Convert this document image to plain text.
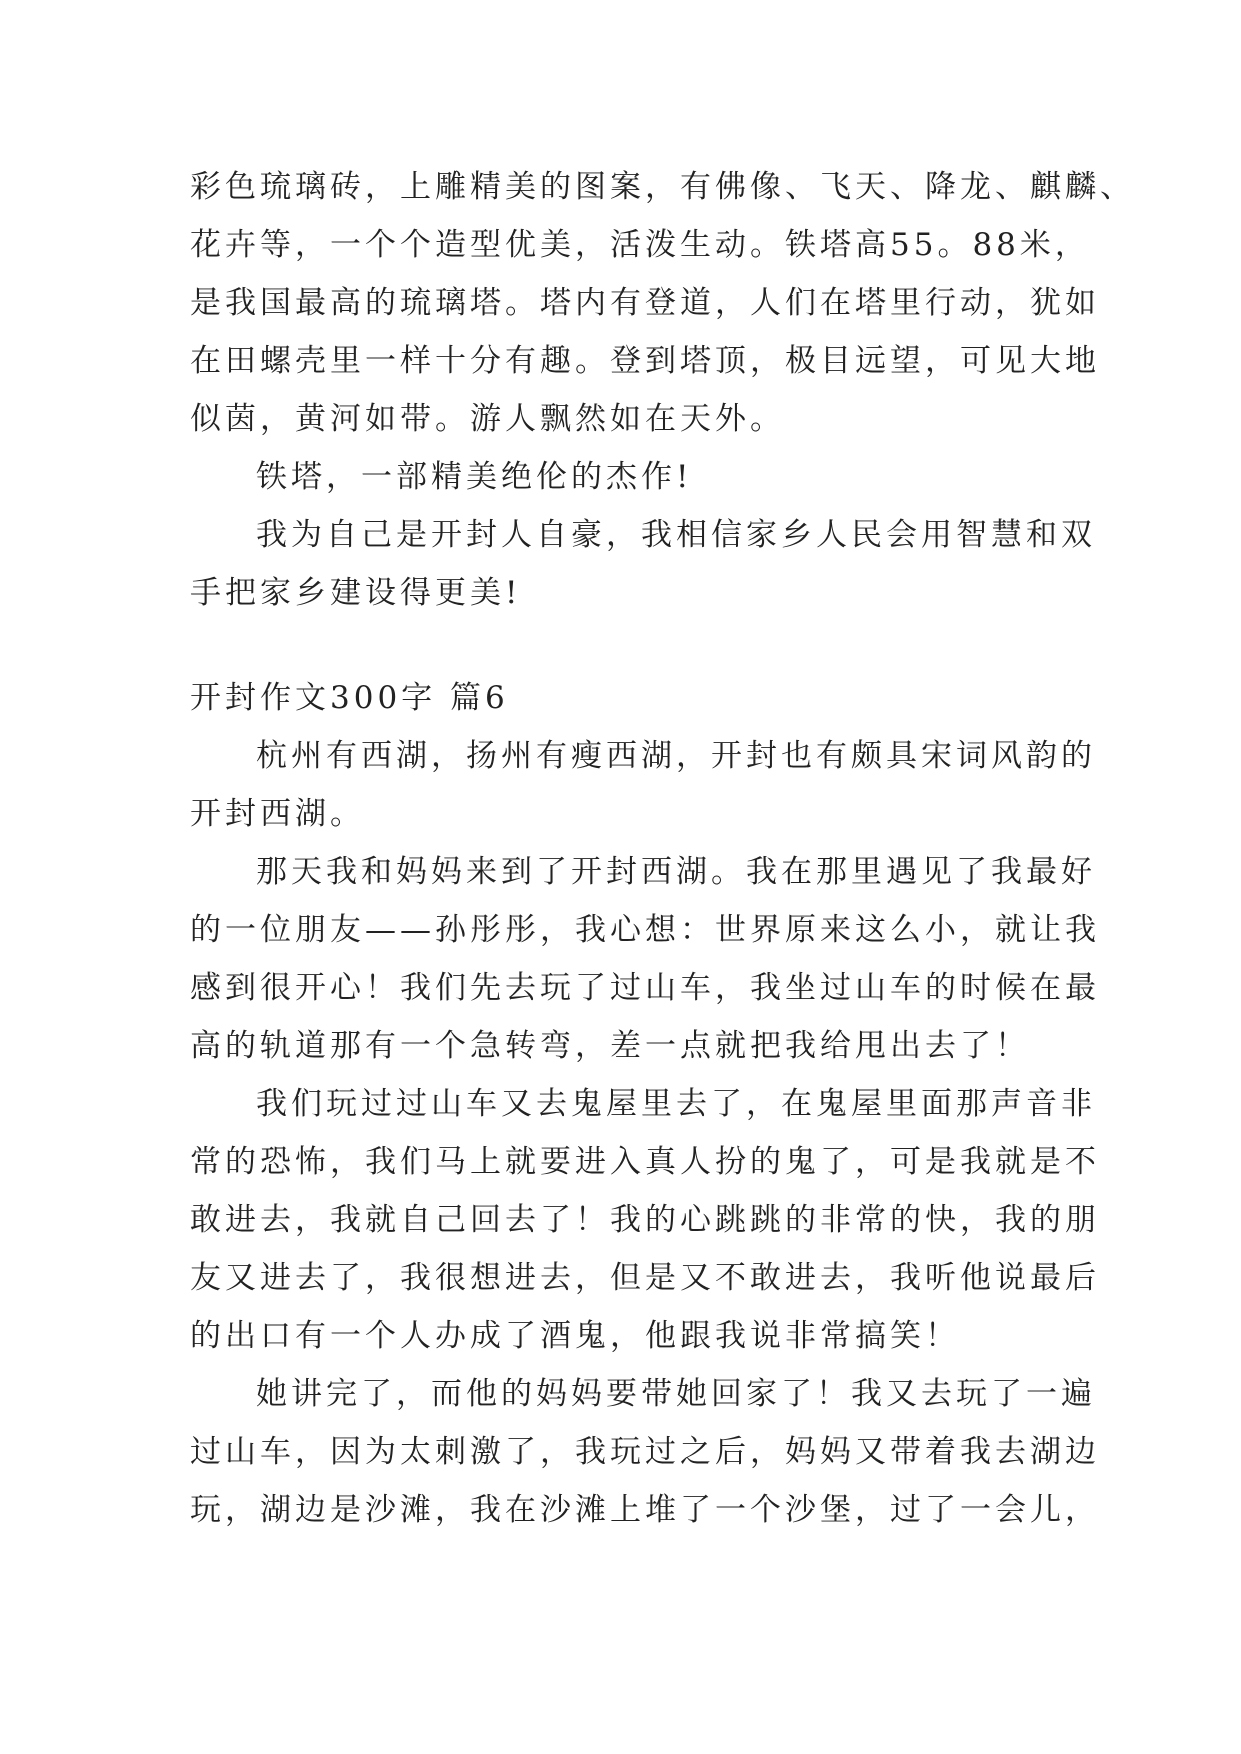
彩色琉璃砖，上雕精美的图案，有佛像、飞天、降龙、麒麟、
花卉等，一个个造型优美，活泼生动。铁塔高55。88米，
是我国最高的琉璃塔。塔内有登道，人们在塔里行动，犹如
在田螺壳里一样十分有趣。登到塔顶，极目远望，可见大地
似茵，黄河如带。游人飘然如在天外。
铁塔，一部精美绝伦的杰作!
我为自己是开封人自豪，我相信家乡人民会用智慧和双
手把家乡建设得更美!
开封作文300字 篇6
杭州有西湖，扬州有瘦西湖，开封也有颇具宋词风韵的
开封西湖。
那天我和妈妈来到了开封西湖。我在那里遇见了我最好
的一位朋友——孙彤彤，我心想：世界原来这么小，就让我
感到很开心！我们先去玩了过山车，我坐过山车的时候在最
高的轨道那有一个急转弯，差一点就把我给甩出去了！
我们玩过过山车又去鬼屋里去了，在鬼屋里面那声音非
常的恐怖，我们马上就要进入真人扮的鬼了，可是我就是不
敢进去，我就自己回去了！我的心跳跳的非常的快，我的朋
友又进去了，我很想进去，但是又不敢进去，我听他说最后
的出口有一个人办成了酒鬼，他跟我说非常搞笑！
她讲完了，而他的妈妈要带她回家了！我又去玩了一遍
过山车，因为太刺激了，我玩过之后，妈妈又带着我去湖边
玩，湖边是沙滩，我在沙滩上堆了一个沙堡，过了一会儿，
